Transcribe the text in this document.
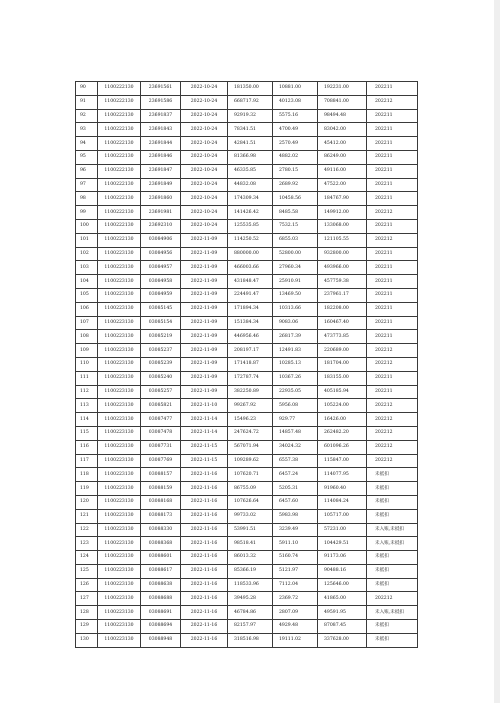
90	1100222130	23691561	2022-10-24	181350.00	10881.00	192231.00	202211
91	1100222130	23691586	2022-10-24	668717.92	40123.08	708841.00	202212
92	1100222130	23691837	2022-10-24	92919.32	5575.16	98494.48	202211
93	1100222130	23691843	2022-10-24	78341.51	4700.49	83042.00	202211
94	1100222130	23691844	2022-10-24	42841.51	2570.49	45412.00	202211
95	1100222130	23691846	2022-10-24	81366.98	4882.02	86249.00	202211
96	1100222130	23691847	2022-10-24	46335.85	2780.15	49116.00	202211
97	1100222130	23691849	2022-10-24	44832.08	2689.92	47522.00	202211
98	1100222130	23691860	2022-10-24	174309.34	10458.56	184767.90	202211
99	1100222130	23691981	2022-10-24	141426.42	8485.58	149912.00	202212
100	1100222130	23692310	2022-10-24	125535.85	7532.15	133068.00	202211
101	1100222130	03084906	2022-11-09	114250.52	6855.03	121105.55	202212
102	1100223130	03084956	2022-11-09	880000.00	52800.00	932800.00	202211
103	1100223130	03084957	2022-11-09	466003.66	27960.34	493966.00	202211
104	1100223130	03084958	2022-11-09	431848.47	25910.91	457759.38	202211
105	1100223130	03084959	2022-11-09	224491.47	13469.50	237961.17	202211
106	1100223130	03085145	2022-11-09	171894.34	10313.66	182208.00	202211
107	1100223130	03085154	2022-11-09	151384.34	9083.06	160467.40	202211
108	1100223130	03085219	2022-11-09	446956.46	26817.39	473773.85	202211
109	1100223130	03085237	2022-11-09	208197.17	12491.83	220689.00	202212
110	1100223130	03085239	2022-11-09	171418.87	10285.13	181704.00	202212
111	1100223130	03085240	2022-11-09	172787.74	10367.26	183155.00	202211
112	1100223130	03085257	2022-11-09	382250.89	22935.05	405185.94	202211
113	1100223130	03085821	2022-11-10	99267.92	5956.08	105224.00	202212
114	1100223130	03087477	2022-11-14	15496.23	929.77	16426.00	202212
115	1100223130	03087478	2022-11-14	247624.72	14857.48	262482.20	202212
116	1100223130	03087731	2022-11-15	567071.94	34024.32	601096.26	202212
117	1100223130	03087769	2022-11-15	109289.62	6557.38	115847.00	202212
118	1100223130	03088157	2022-11-16	107620.71	6457.24	114077.95	未抵扣
119	1100223130	03088159	2022-11-16	86755.09	5205.31	91960.40	未抵扣
120	1100223130	03088168	2022-11-16	107626.64	6457.60	114084.24	未抵扣
121	1100223130	03088173	2022-11-16	99733.02	5983.98	105717.00	未抵扣
122	1100223130	03088330	2022-11-16	53991.51	3239.49	57231.00	未入账,未抵扣
123	1100223130	03088368	2022-11-16	98518.41	5911.10	104429.51	未入账,未抵扣
124	1100223130	03088601	2022-11-16	86013.32	5160.74	91173.06	未抵扣
125	1100223130	03088617	2022-11-16	85366.19	5121.97	90488.16	未抵扣
126	1100223130	03088638	2022-11-16	118533.96	7112.04	125646.00	未抵扣
127	1100223130	03088688	2022-11-16	39495.28	2369.72	41865.00	202212
128	1100223130	03088691	2022-11-16	46784.86	2807.09	49591.95	未入账,未抵扣
129	1100223130	03088694	2022-11-16	82157.97	4929.48	87087.45	未抵扣
130	1100223130	03088948	2022-11-16	318516.98	19111.02	337628.00	未抵扣
